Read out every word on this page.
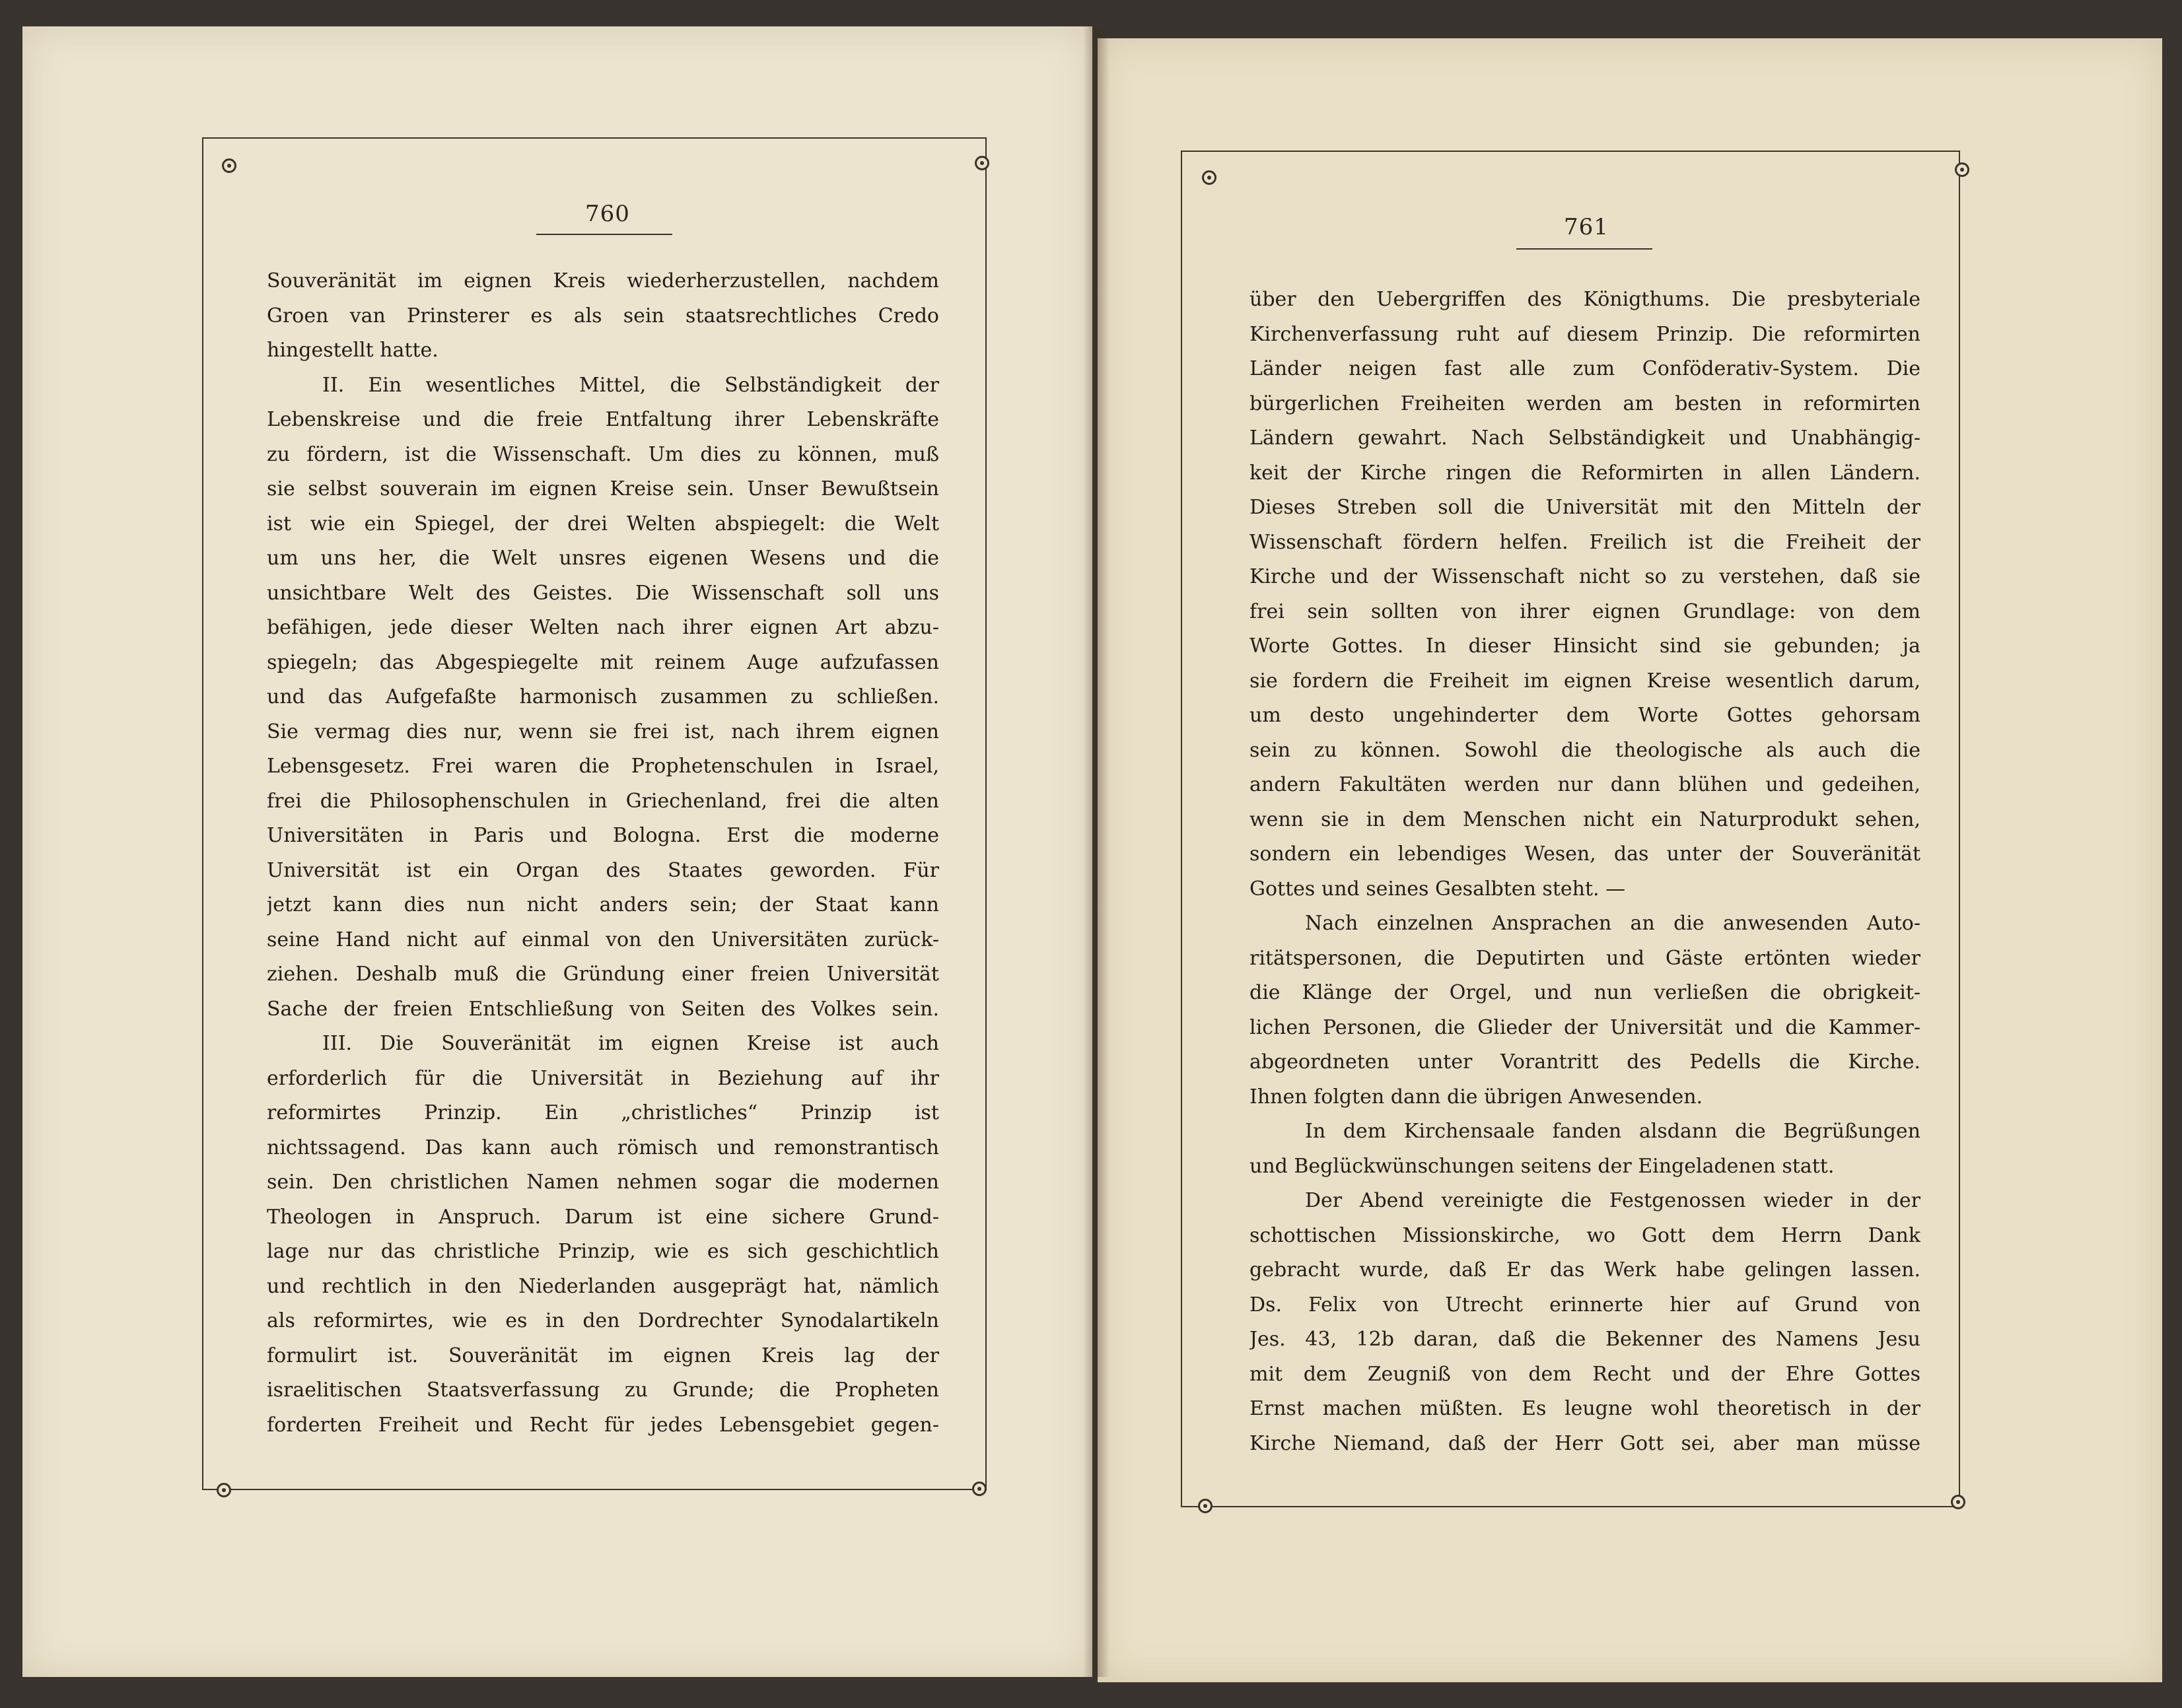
760
Souveränität im eignen Kreis wiederherzustellen, nachdem
Groen van Prinsterer es als sein staatsrechtliches Credo
hingestellt hatte.
II. Ein wesentliches Mittel, die Selbständigkeit der
Lebenskreise und die freie Entfaltung ihrer Lebenskräfte
zu fördern, ist die Wissenschaft. Um dies zu können, muß
sie selbst souverain im eignen Kreise sein. Unser Bewußtsein
ist wie ein Spiegel, der drei Welten abspiegelt: die Welt
um uns her, die Welt unsres eigenen Wesens und die
unsichtbare Welt des Geistes. Die Wissenschaft soll uns
befähigen, jede dieser Welten nach ihrer eignen Art abzu-
spiegeln; das Abgespiegelte mit reinem Auge aufzufassen
und das Aufgefaßte harmonisch zusammen zu schließen.
Sie vermag dies nur, wenn sie frei ist, nach ihrem eignen
Lebensgesetz. Frei waren die Prophetenschulen in Israel,
frei die Philosophenschulen in Griechenland, frei die alten
Universitäten in Paris und Bologna. Erst die moderne
Universität ist ein Organ des Staates geworden. Für
jetzt kann dies nun nicht anders sein; der Staat kann
seine Hand nicht auf einmal von den Universitäten zurück-
ziehen. Deshalb muß die Gründung einer freien Universität
Sache der freien Entschließung von Seiten des Volkes sein.
III. Die Souveränität im eignen Kreise ist auch
erforderlich für die Universität in Beziehung auf ihr
reformirtes Prinzip. Ein „christliches“ Prinzip ist
nichtssagend. Das kann auch römisch und remonstrantisch
sein. Den christlichen Namen nehmen sogar die modernen
Theologen in Anspruch. Darum ist eine sichere Grund-
lage nur das christliche Prinzip, wie es sich geschichtlich
und rechtlich in den Niederlanden ausgeprägt hat, nämlich
als reformirtes, wie es in den Dordrechter Synodalartikeln
formulirt ist. Souveränität im eignen Kreis lag der
israelitischen Staatsverfassung zu Grunde; die Propheten
forderten Freiheit und Recht für jedes Lebensgebiet gegen-
761
über den Uebergriffen des Königthums. Die presbyteriale
Kirchenverfassung ruht auf diesem Prinzip. Die reformirten
Länder neigen fast alle zum Conföderativ-System. Die
bürgerlichen Freiheiten werden am besten in reformirten
Ländern gewahrt. Nach Selbständigkeit und Unabhängig-
keit der Kirche ringen die Reformirten in allen Ländern.
Dieses Streben soll die Universität mit den Mitteln der
Wissenschaft fördern helfen. Freilich ist die Freiheit der
Kirche und der Wissenschaft nicht so zu verstehen, daß sie
frei sein sollten von ihrer eignen Grundlage: von dem
Worte Gottes. In dieser Hinsicht sind sie gebunden; ja
sie fordern die Freiheit im eignen Kreise wesentlich darum,
um desto ungehinderter dem Worte Gottes gehorsam
sein zu können. Sowohl die theologische als auch die
andern Fakultäten werden nur dann blühen und gedeihen,
wenn sie in dem Menschen nicht ein Naturprodukt sehen,
sondern ein lebendiges Wesen, das unter der Souveränität
Gottes und seines Gesalbten steht. —
Nach einzelnen Ansprachen an die anwesenden Auto-
ritätspersonen, die Deputirten und Gäste ertönten wieder
die Klänge der Orgel, und nun verließen die obrigkeit-
lichen Personen, die Glieder der Universität und die Kammer-
abgeordneten unter Vorantritt des Pedells die Kirche.
Ihnen folgten dann die übrigen Anwesenden.
In dem Kirchensaale fanden alsdann die Begrüßungen
und Beglückwünschungen seitens der Eingeladenen statt.
Der Abend vereinigte die Festgenossen wieder in der
schottischen Missionskirche, wo Gott dem Herrn Dank
gebracht wurde, daß Er das Werk habe gelingen lassen.
Ds. Felix von Utrecht erinnerte hier auf Grund von
Jes. 43, 12b daran, daß die Bekenner des Namens Jesu
mit dem Zeugniß von dem Recht und der Ehre Gottes
Ernst machen müßten. Es leugne wohl theoretisch in der
Kirche Niemand, daß der Herr Gott sei, aber man müsse
